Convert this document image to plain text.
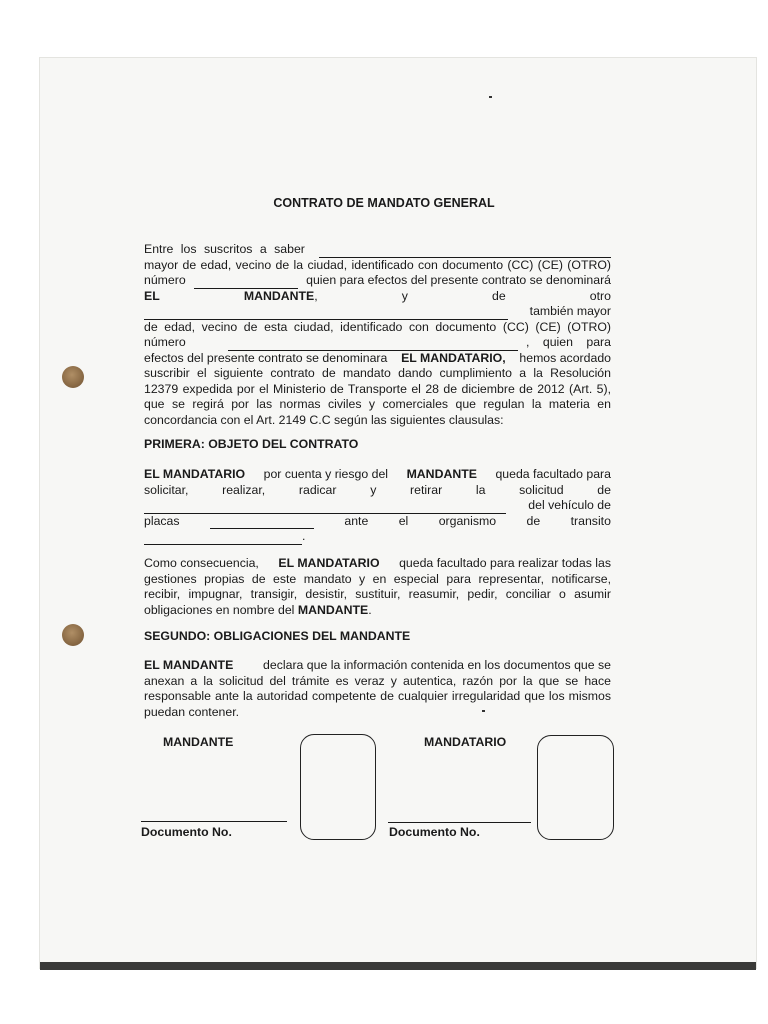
CONTRATO DE MANDATO GENERAL
Entre los suscritos a saber
mayor de edad, vecino de la ciudad, identificado con documento (CC) (CE) (OTRO)
número	quien para efectos del presente contrato se denominará
EL	MANDANTE,	y	de	otro
también mayor
de edad, vecino de esta ciudad, identificado con documento (CC) (CE) (OTRO)
número	, quien para
efectos del presente contrato se denominara EL MANDATARIO, hemos acordado
suscribir el siguiente contrato de mandato dando cumplimiento a la Resolución
12379 expedida por el Ministerio de Transporte el 28 de diciembre de 2012 (Art. 5),
que se regirá por las normas civiles y comerciales que regulan la materia en
concordancia con el Art. 2149 C.C según las siguientes clausulas:
PRIMERA: OBJETO DEL CONTRATO
EL MANDATARIO por cuenta y riesgo del MANDANTE queda facultado para
solicitar,	realizar,	radicar	y	retirar	la	solicitud	de
del vehículo de
placas	ante el organismo de transito
.
Como consecuencia, EL MANDATARIO queda facultado para realizar todas las
gestiones propias de este mandato y en especial para representar, notificarse,
recibir, impugnar, transigir, desistir, sustituir, reasumir, pedir, conciliar o asumir
obligaciones en nombre del MANDANTE.
SEGUNDO: OBLIGACIONES DEL MANDANTE
EL MANDANTE declara que la información contenida en los documentos que se
anexan a la solicitud del trámite es veraz y autentica, razón por la que se hace
responsable ante la autoridad competente de cualquier irregularidad que los mismos
puedan contener.
MANDANTE	MANDATARIO
Documento No.	Documento No.
